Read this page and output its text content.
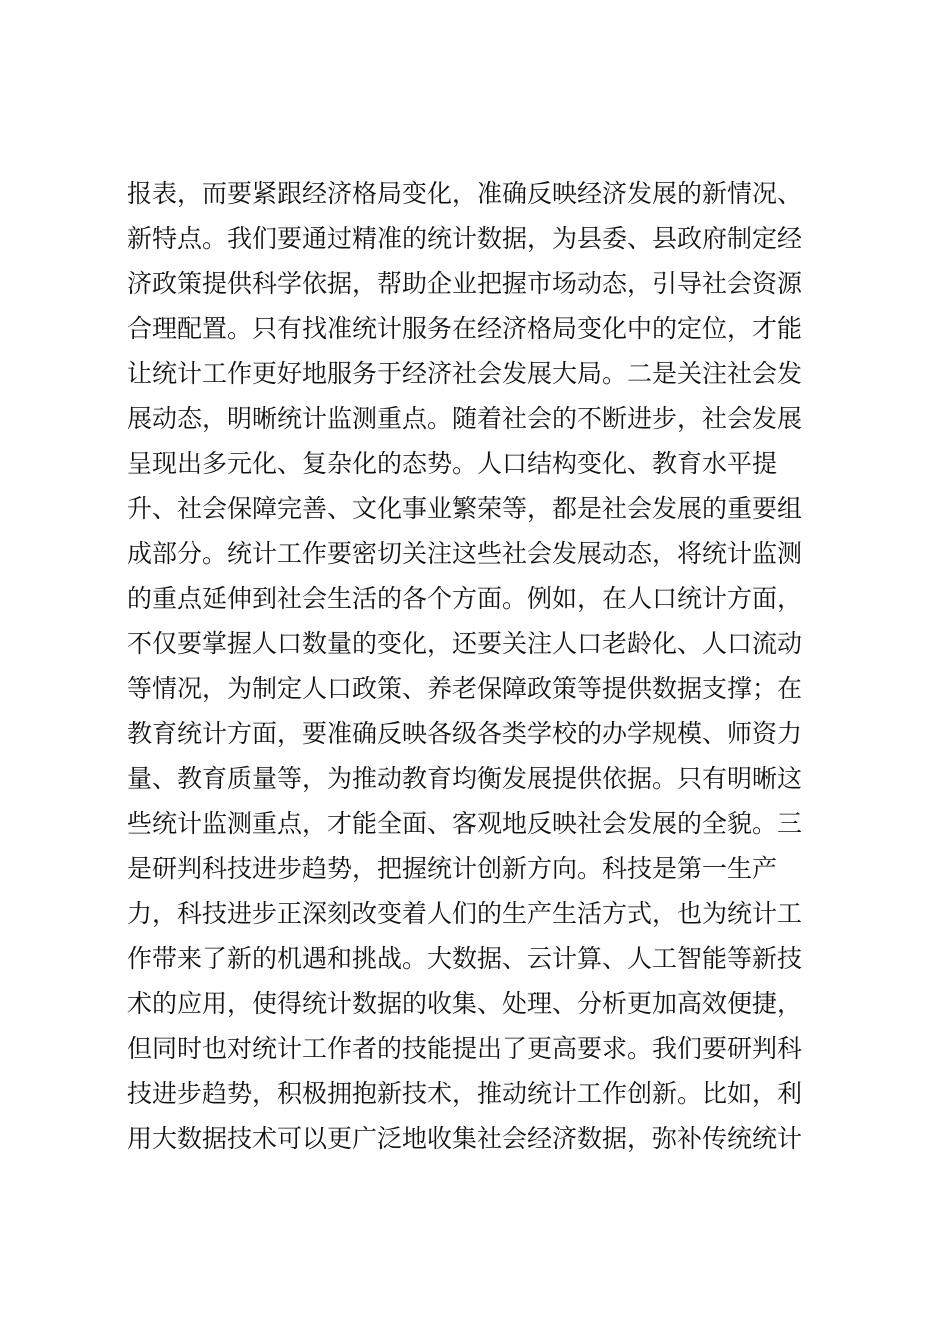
报表，而要紧跟经济格局变化，准确反映经济发展的新情况、
新特点。我们要通过精准的统计数据，为县委、县政府制定经
济政策提供科学依据，帮助企业把握市场动态，引导社会资源
合理配置。只有找准统计服务在经济格局变化中的定位，才能
让统计工作更好地服务于经济社会发展大局。二是关注社会发
展动态，明晰统计监测重点。随着社会的不断进步，社会发展
呈现出多元化、复杂化的态势。人口结构变化、教育水平提
升、社会保障完善、文化事业繁荣等，都是社会发展的重要组
成部分。统计工作要密切关注这些社会发展动态，将统计监测
的重点延伸到社会生活的各个方面。例如，在人口统计方面，
不仅要掌握人口数量的变化，还要关注人口老龄化、人口流动
等情况，为制定人口政策、养老保障政策等提供数据支撑；在
教育统计方面，要准确反映各级各类学校的办学规模、师资力
量、教育质量等，为推动教育均衡发展提供依据。只有明晰这
些统计监测重点，才能全面、客观地反映社会发展的全貌。三
是研判科技进步趋势，把握统计创新方向。科技是第一生产
力，科技进步正深刻改变着人们的生产生活方式，也为统计工
作带来了新的机遇和挑战。大数据、云计算、人工智能等新技
术的应用，使得统计数据的收集、处理、分析更加高效便捷，
但同时也对统计工作者的技能提出了更高要求。我们要研判科
技进步趋势，积极拥抱新技术，推动统计工作创新。比如，利
用大数据技术可以更广泛地收集社会经济数据，弥补传统统计
